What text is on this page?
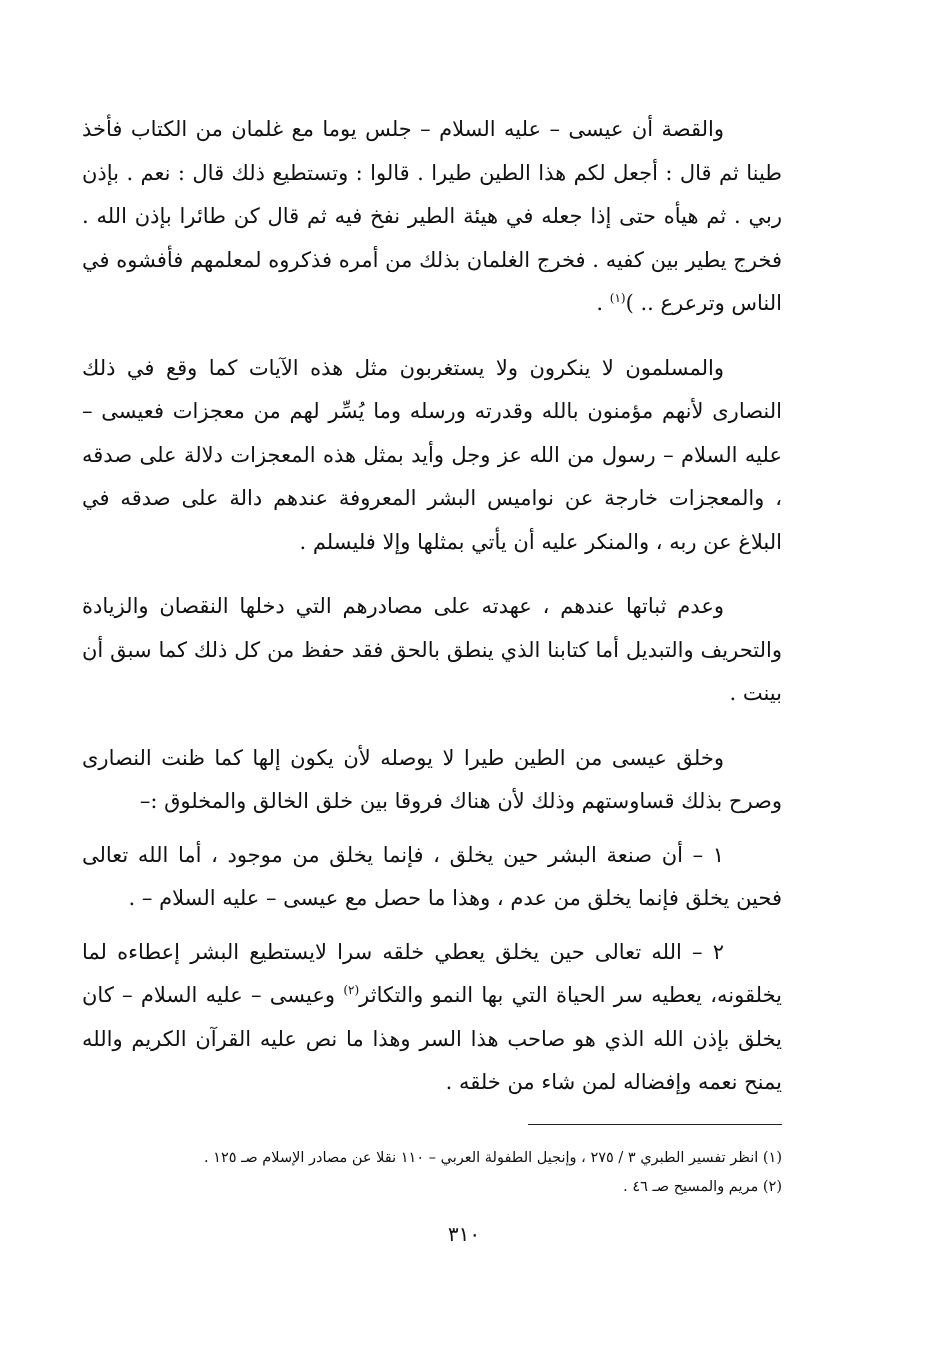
والقصة أن عيسى – عليه السلام – جلس يوما مع غلمان من الكتاب فأخذ طينا ثم قال : أجعل لكم هذا الطين طيرا . قالوا : وتستطيع ذلك قال : نعم . بإذن ربي . ثم هيأه حتى إذا جعله في هيئة الطير نفخ فيه ثم قال كن طائرا بإذن الله . فخرج يطير بين كفيه . فخرج الغلمان بذلك من أمره فذكروه لمعلمهم فأفشوه في الناس وترعرع .. )$^{(١)}$ .

والمسلمون لا ينكرون ولا يستغربون مثل هذه الآيات كما وقع في ذلك النصارى لأنهم مؤمنون بالله وقدرته ورسله وما يُسِّر لهم من معجزات فعيسى – عليه السلام – رسول من الله عز وجل وأيد بمثل هذه المعجزات دلالة على صدقه ، والمعجزات خارجة عن نواميس البشر المعروفة عندهم دالة على صدقه في البلاغ عن ربه ، والمنكر عليه أن يأتي بمثلها وإلا فليسلم .

وعدم ثباتها عندهم ، عهدته على مصادرهم التي دخلها النقصان والزيادة والتحريف والتبديل أما كتابنا الذي ينطق بالحق فقد حفظ من كل ذلك كما سبق أن بينت .

وخلق عيسى من الطين طيرا لا يوصله لأن يكون إلها كما ظنت النصارى وصرح بذلك قساوستهم وذلك لأن هناك فروقا بين خلق الخالق والمخلوق :–

١ – أن صنعة البشر حين يخلق ، فإنما يخلق من موجود ، أما الله تعالى فحين يخلق فإنما يخلق من عدم ، وهذا ما حصل مع عيسى – عليه السلام – .

٢ – الله تعالى حين يخلق يعطي خلقه سرا لايستطيع البشر إعطاءه لما يخلقونه، يعطيه سر الحياة التي بها النمو والتكاثر$^{(٢)}$ وعيسى – عليه السلام – كان يخلق بإذن الله الذي هو صاحب هذا السر وهذا ما نص عليه القرآن الكريم والله يمنح نعمه وإفضاله لمن شاء من خلقه .

(١) انظر تفسير الطبري ٣ / ٢٧٥ ، وإنجيل الطفولة العربي – ١١٠ نقلا عن مصادر الإسلام صـ ١٢٥ .

(٢) مريم والمسيح صـ ٤٦ .

٣١٠
